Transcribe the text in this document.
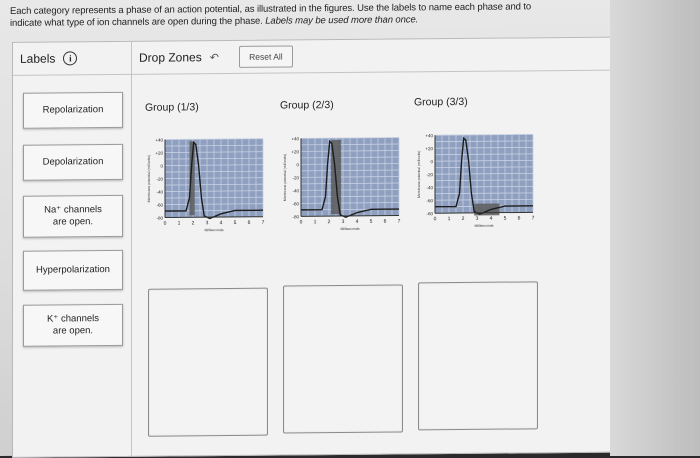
Each category represents a phase of an action potential, as illustrated in the figures. Use the labels to name each phase and to
indicate what type of ion channels are open during the phase. Labels may be used more than once.
Labels	i
Repolarization
Depolarization
Na⁺ channels are open.
Hyperpolarization
K⁺ channels are open.
Drop Zones ↶	Reset All
Group (1/3)	Group (2/3)	Group (3/3)
+40
+20
0
-20
-40
-60
-80
0 1 2 3 4 5 6 7
Milliseconds
Membrane potential (millivolts)
+40
+20
0
-20
-40
-60
-80
0 1 2 3 4 5 6 7
Milliseconds
Membrane potential (millivolts)
+40
+20
0
-20
-40
-60
-80
0 1 2 3 4 5 6 7
Milliseconds
Membrane potential (millivolts)
